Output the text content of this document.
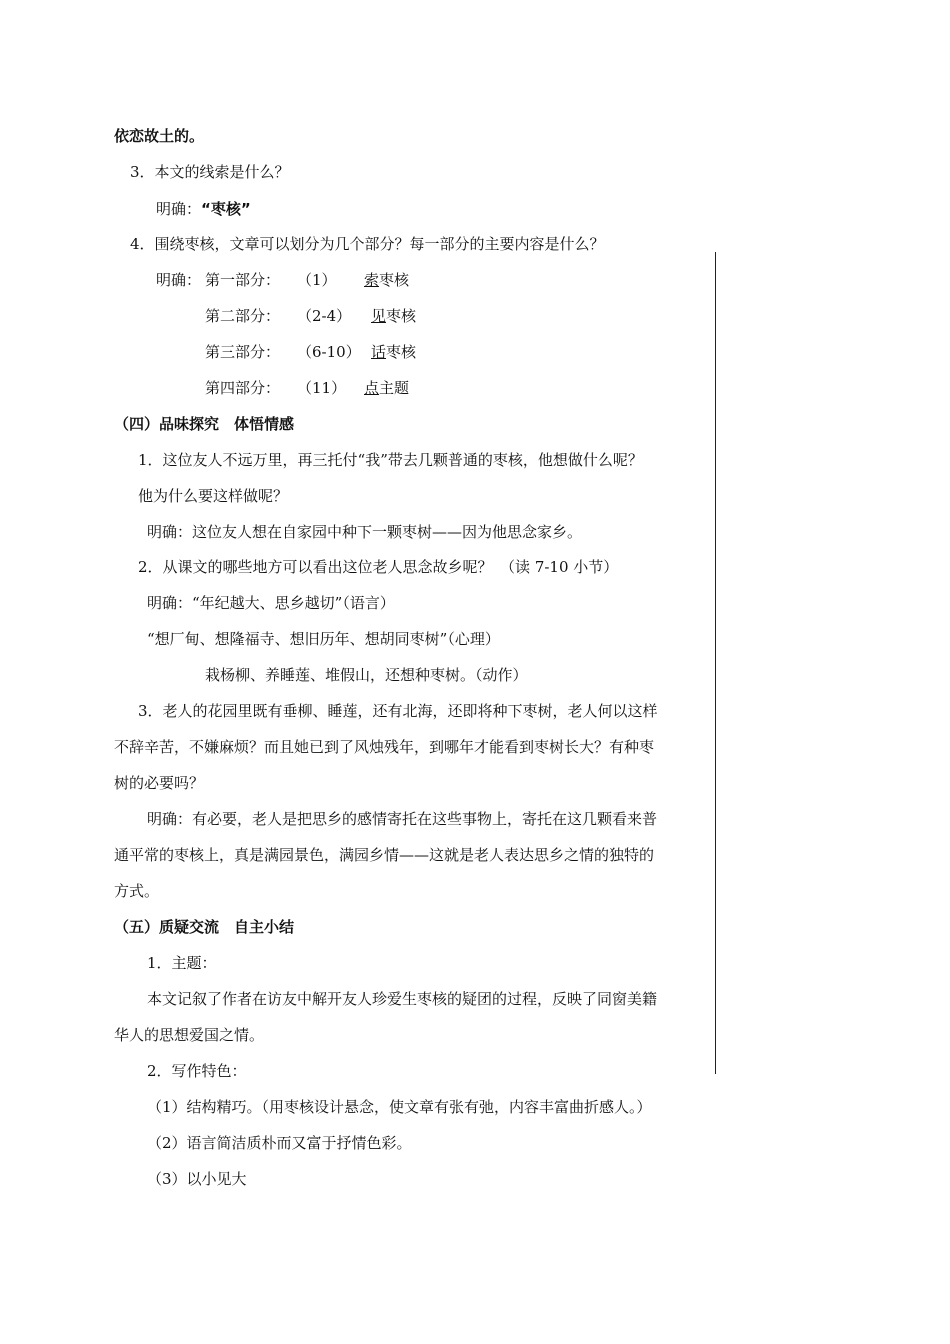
依恋故土的。
3．本文的线索是什么？
明确：“枣核”
4．围绕枣核，文章可以划分为几个部分？每一部分的主要内容是什么？
明确： 第一部分： （1） 索枣核
第二部分： （2-4） 见枣核
第三部分： （6-10） 话枣核
第四部分： （11） 点主题
（四）品味探究　体悟情感
1．这位友人不远万里，再三托付“我”带去几颗普通的枣核，他想做什么呢？
他为什么要这样做呢？
明确：这位友人想在自家园中种下一颗枣树——因为他思念家乡。
2．从课文的哪些地方可以看出这位老人思念故乡呢？　（读 7-10 小节）
明确：“年纪越大、思乡越切”（语言）
“想厂甸、想隆福寺、想旧历年、想胡同枣树”（心理）
栽杨柳、养睡莲、堆假山，还想种枣树。（动作）
3．老人的花园里既有垂柳、睡莲，还有北海，还即将种下枣树，老人何以这样
不辞辛苦，不嫌麻烦？而且她已到了风烛残年，到哪年才能看到枣树长大？有种枣
树的必要吗？
明确：有必要，老人是把思乡的感情寄托在这些事物上，寄托在这几颗看来普
通平常的枣核上，真是满园景色，满园乡情——这就是老人表达思乡之情的独特的
方式。
（五）质疑交流　自主小结
1．主题：
本文记叙了作者在访友中解开友人珍爱生枣核的疑团的过程，反映了同窗美籍
华人的思想爱国之情。
2．写作特色：
（1）结构精巧。（用枣核设计悬念，使文章有张有弛，内容丰富曲折感人。）
（2）语言简洁质朴而又富于抒情色彩。
（3）以小见大
